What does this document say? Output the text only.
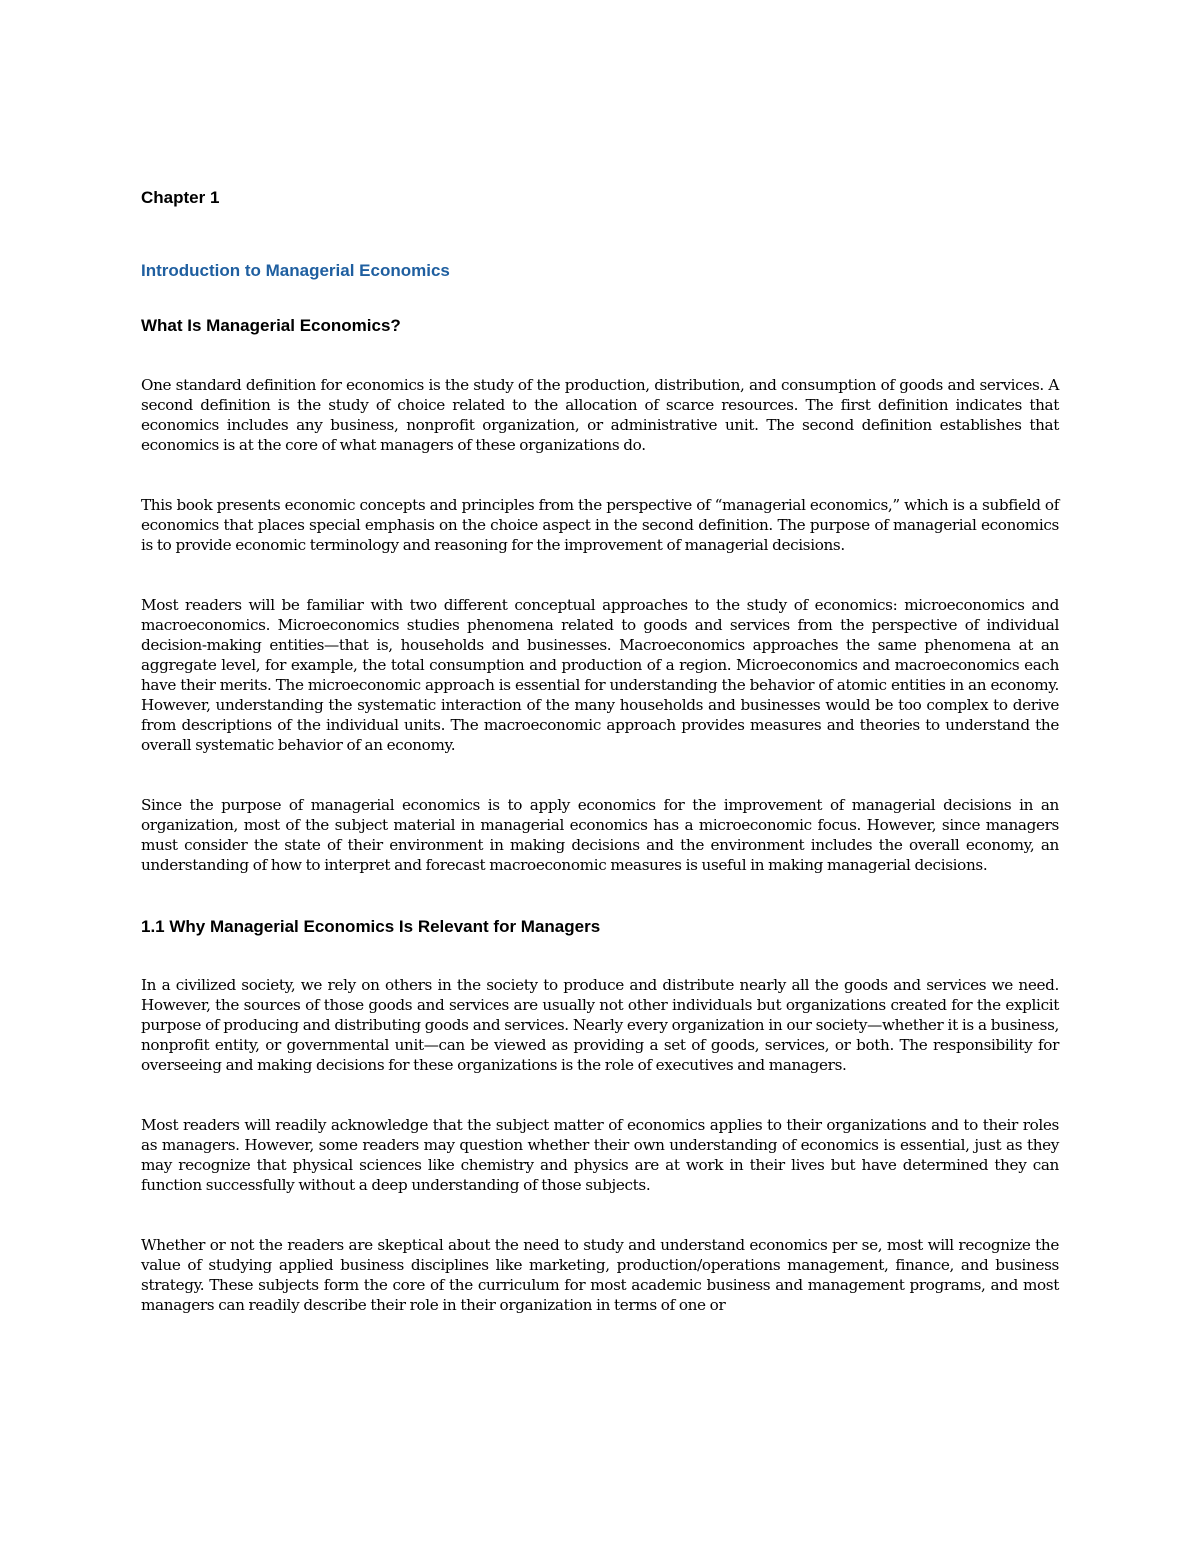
Chapter 1
Introduction to Managerial Economics
What Is Managerial Economics?

One standard definition for economics is the study of the production, distribution, and consumption of goods and services. A second definition is the study of choice related to the allocation of scarce resources. The first definition indicates that economics includes any business, nonprofit organization, or administrative unit. The second definition establishes that economics is at the core of what managers of these organizations do.

This book presents economic concepts and principles from the perspective of “managerial economics,” which is a subfield of economics that places special emphasis on the choice aspect in the second definition. The purpose of managerial economics is to provide economic terminology and reasoning for the improvement of managerial decisions.

Most readers will be familiar with two different conceptual approaches to the study of economics: microeconomics and macroeconomics. Microeconomics studies phenomena related to goods and services from the perspective of individual decision-making entities—that is, households and businesses. Macroeconomics approaches the same phenomena at an aggregate level, for example, the total consumption and production of a region. Microeconomics and macroeconomics each have their merits. The microeconomic approach is essential for understanding the behavior of atomic entities in an economy. However, understanding the systematic interaction of the many households and businesses would be too complex to derive from descriptions of the individual units. The macroeconomic approach provides measures and theories to understand the overall systematic behavior of an economy.

Since the purpose of managerial economics is to apply economics for the improvement of managerial decisions in an organization, most of the subject material in managerial economics has a microeconomic focus. However, since managers must consider the state of their environment in making decisions and the environment includes the overall economy, an understanding of how to interpret and forecast macroeconomic measures is useful in making managerial decisions.

1.1 Why Managerial Economics Is Relevant for Managers

In a civilized society, we rely on others in the society to produce and distribute nearly all the goods and services we need. However, the sources of those goods and services are usually not other individuals but organizations created for the explicit purpose of producing and distributing goods and services. Nearly every organization in our society—whether it is a business, nonprofit entity, or governmental unit—can be viewed as providing a set of goods, services, or both. The responsibility for overseeing and making decisions for these organizations is the role of executives and managers.

Most readers will readily acknowledge that the subject matter of economics applies to their organizations and to their roles as managers. However, some readers may question whether their own understanding of economics is essential, just as they may recognize that physical sciences like chemistry and physics are at work in their lives but have determined they can function successfully without a deep understanding of those subjects.

Whether or not the readers are skeptical about the need to study and understand economics per se, most will recognize the value of studying applied business disciplines like marketing, production/operations management, finance, and business strategy. These subjects form the core of the curriculum for most academic business and management programs, and most managers can readily describe their role in their organization in terms of one or
